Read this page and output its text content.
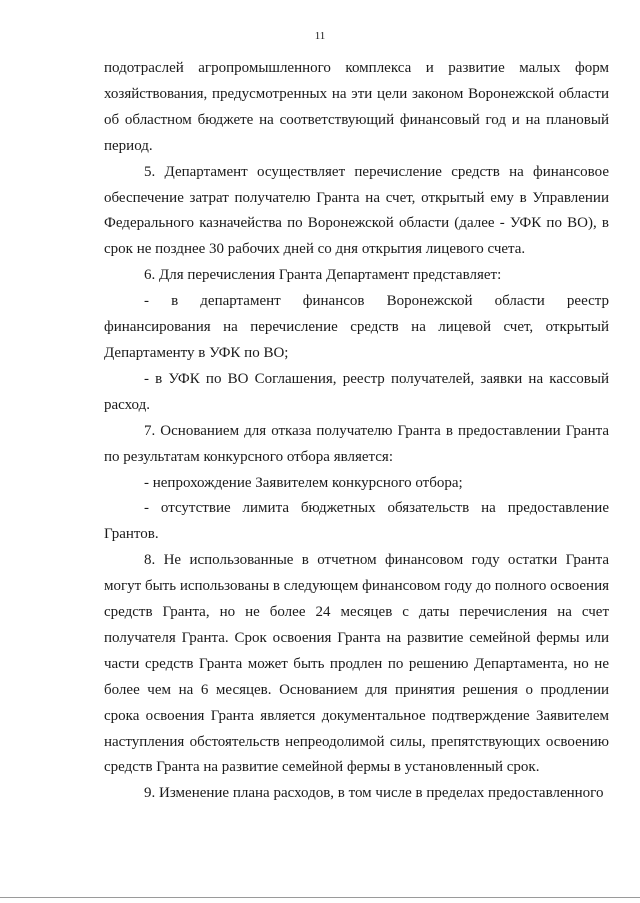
11

подотраслей агропромышленного комплекса и развитие малых форм хозяйствования, предусмотренных на эти цели законом Воронежской области об областном бюджете на соответствующий финансовый год и на плановый период.

5. Департамент осуществляет перечисление средств на финансовое обеспечение затрат получателю Гранта на счет, открытый ему в Управлении Федерального казначейства по Воронежской области (далее - УФК по ВО), в срок не позднее 30 рабочих дней со дня открытия лицевого счета.

6. Для перечисления Гранта Департамент представляет:

- в департамент финансов Воронежской области реестр финансирования на перечисление средств на лицевой счет, открытый Департаменту в УФК по ВО;

- в УФК по ВО Соглашения, реестр получателей, заявки на кассовый расход.

7. Основанием для отказа получателю Гранта в предоставлении Гранта по результатам конкурсного отбора является:

- непрохождение Заявителем конкурсного отбора;

- отсутствие лимита бюджетных обязательств на предоставление Грантов.

8. Не использованные в отчетном финансовом году остатки Гранта могут быть использованы в следующем финансовом году до полного освоения средств Гранта, но не более 24 месяцев с даты перечисления на счет получателя Гранта. Срок освоения Гранта на развитие семейной фермы или части средств Гранта может быть продлен по решению Департамента, но не более чем на 6 месяцев. Основанием для принятия решения о продлении срока освоения Гранта является документальное подтверждение Заявителем наступления обстоятельств непреодолимой силы, препятствующих освоению средств Гранта на развитие семейной фермы в установленный срок.

9. Изменение плана расходов, в том числе в пределах предоставленного
